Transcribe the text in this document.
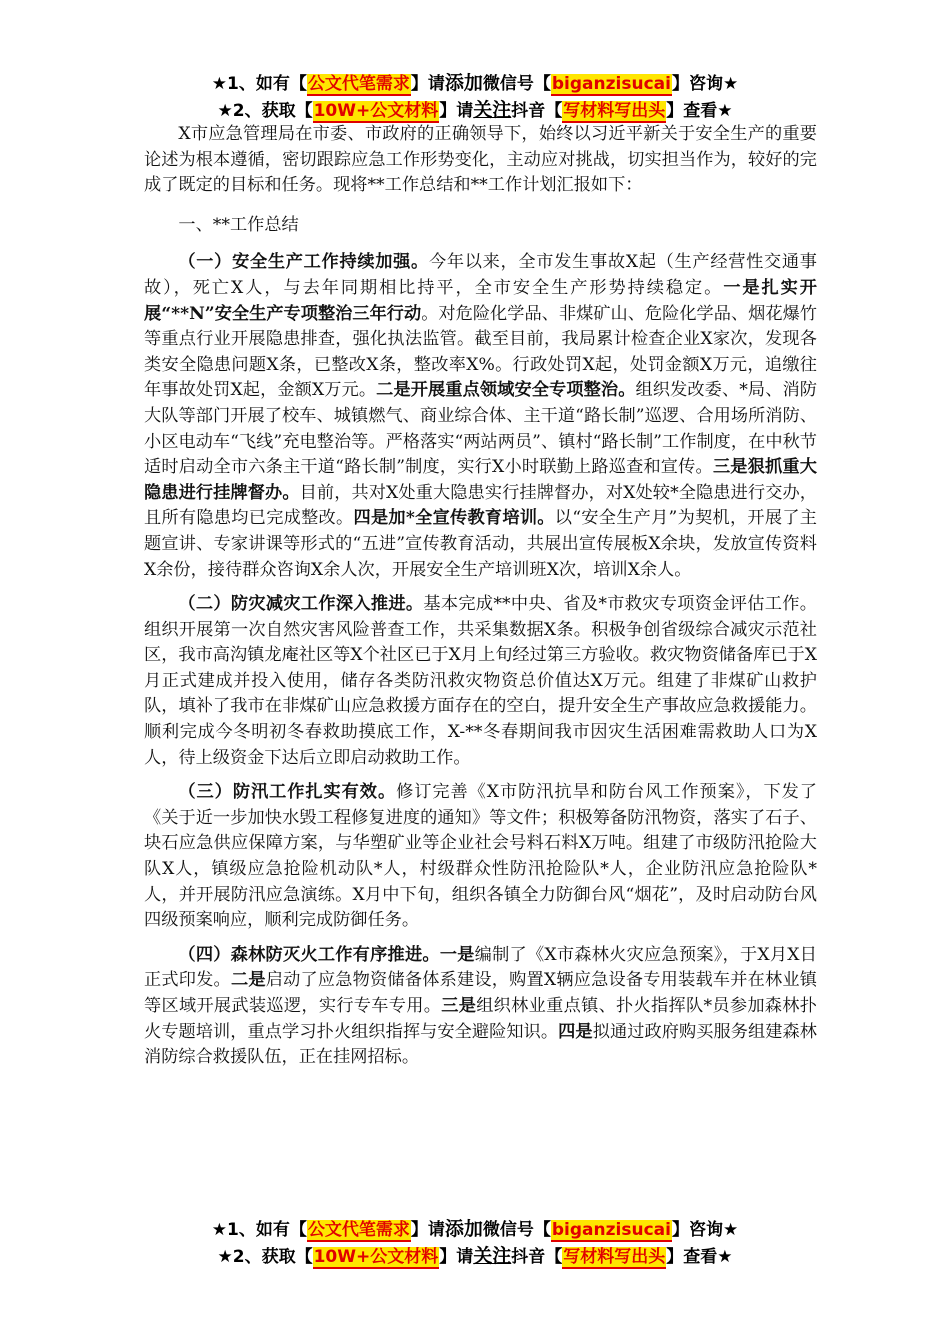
★1、如有【公文代笔需求】请添加微信号【biganzisucai】咨询★
★2、获取【10W+公文材料】请关注抖音【写材料写出头】查看★

X市应急管理局在市委、市政府的正确领导下，始终以习近平新关于安全生产的重要论述为根本遵循，密切跟踪应急工作形势变化，主动应对挑战，切实担当作为，较好的完成了既定的目标和任务。现将**工作总结和**工作计划汇报如下：

一、**工作总结

（一）安全生产工作持续加强。今年以来，全市发生事故X起（生产经营性交通事故），死亡X人，与去年同期相比持平，全市安全生产形势持续稳定。一是扎实开展“**N”安全生产专项整治三年行动。对危险化学品、非煤矿山、危险化学品、烟花爆竹等重点行业开展隐患排查，强化执法监管。截至目前，我局累计检查企业X家次，发现各类安全隐患问题X条，已整改X条，整改率X%。行政处罚X起，处罚金额X万元，追缴往年事故处罚X起，金额X万元。二是开展重点领域安全专项整治。组织发改委、*局、消防大队等部门开展了校车、城镇燃气、商业综合体、主干道“路长制”巡逻、合用场所消防、小区电动车“飞线”充电整治等。严格落实“两站两员”、镇村“路长制”工作制度，在中秋节适时启动全市六条主干道“路长制”制度，实行X小时联勤上路巡查和宣传。三是狠抓重大隐患进行挂牌督办。目前，共对X处重大隐患实行挂牌督办，对X处较*全隐患进行交办，且所有隐患均已完成整改。四是加*全宣传教育培训。以“安全生产月”为契机，开展了主题宣讲、专家讲课等形式的“五进”宣传教育活动，共展出宣传展板X余块，发放宣传资料X余份，接待群众咨询X余人次，开展安全生产培训班X次，培训X余人。

（二）防灾减灾工作深入推进。基本完成**中央、省及*市救灾专项资金评估工作。组织开展第一次自然灾害风险普查工作，共采集数据X条。积极争创省级综合减灾示范社区，我市高沟镇龙庵社区等X个社区已于X月上旬经过第三方验收。救灾物资储备库已于X月正式建成并投入使用，储存各类防汛救灾物资总价值达X万元。组建了非煤矿山救护队，填补了我市在非煤矿山应急救援方面存在的空白，提升安全生产事故应急救援能力。顺利完成今冬明初冬春救助摸底工作，X-**冬春期间我市因灾生活困难需救助人口为X人，待上级资金下达后立即启动救助工作。

（三）防汛工作扎实有效。修订完善《X市防汛抗旱和防台风工作预案》，下发了《关于近一步加快水毁工程修复进度的通知》等文件；积极筹备防汛物资，落实了石子、块石应急供应保障方案，与华塑矿业等企业社会号料石料X万吨。组建了市级防汛抢险大队X人，镇级应急抢险机动队*人，村级群众性防汛抢险队*人，企业防汛应急抢险队*人，并开展防汛应急演练。X月中下旬，组织各镇全力防御台风“烟花”，及时启动防台风四级预案响应，顺利完成防御任务。

（四）森林防灭火工作有序推进。一是编制了《X市森林火灾应急预案》，于X月X日正式印发。二是启动了应急物资储备体系建设，购置X辆应急设备专用装载车并在林业镇等区域开展武装巡逻，实行专车专用。三是组织林业重点镇、扑火指挥队*员参加森林扑火专题培训，重点学习扑火组织指挥与安全避险知识。四是拟通过政府购买服务组建森林消防综合救援队伍，正在挂网招标。

★1、如有【公文代笔需求】请添加微信号【biganzisucai】咨询★
★2、获取【10W+公文材料】请关注抖音【写材料写出头】查看★
